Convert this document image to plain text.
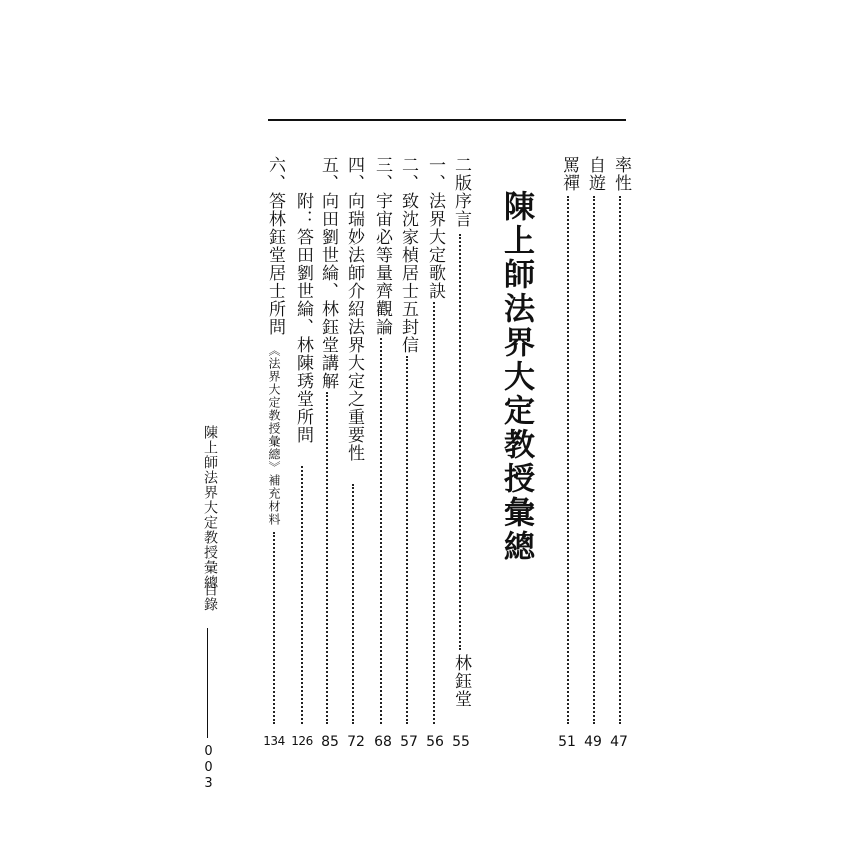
率性
47
自遊
49
罵禪
51
陳上師法界大定教授彙總
二版序言
林鈺堂
55
一、法界大定歌訣
56
二、致沈家楨居士五封信
57
三、宇宙必等量齊觀論
68
四、向瑞妙法師介紹法界大定之重要性
72
五、向田劉世綸、林鈺堂講解
85
附：答田劉世綸、林陳琇堂所問
126
六、答林鈺堂居士所問
《法界大定教授彙總》補充材料
134
陳上師法界大定教授彙總
目錄
003
